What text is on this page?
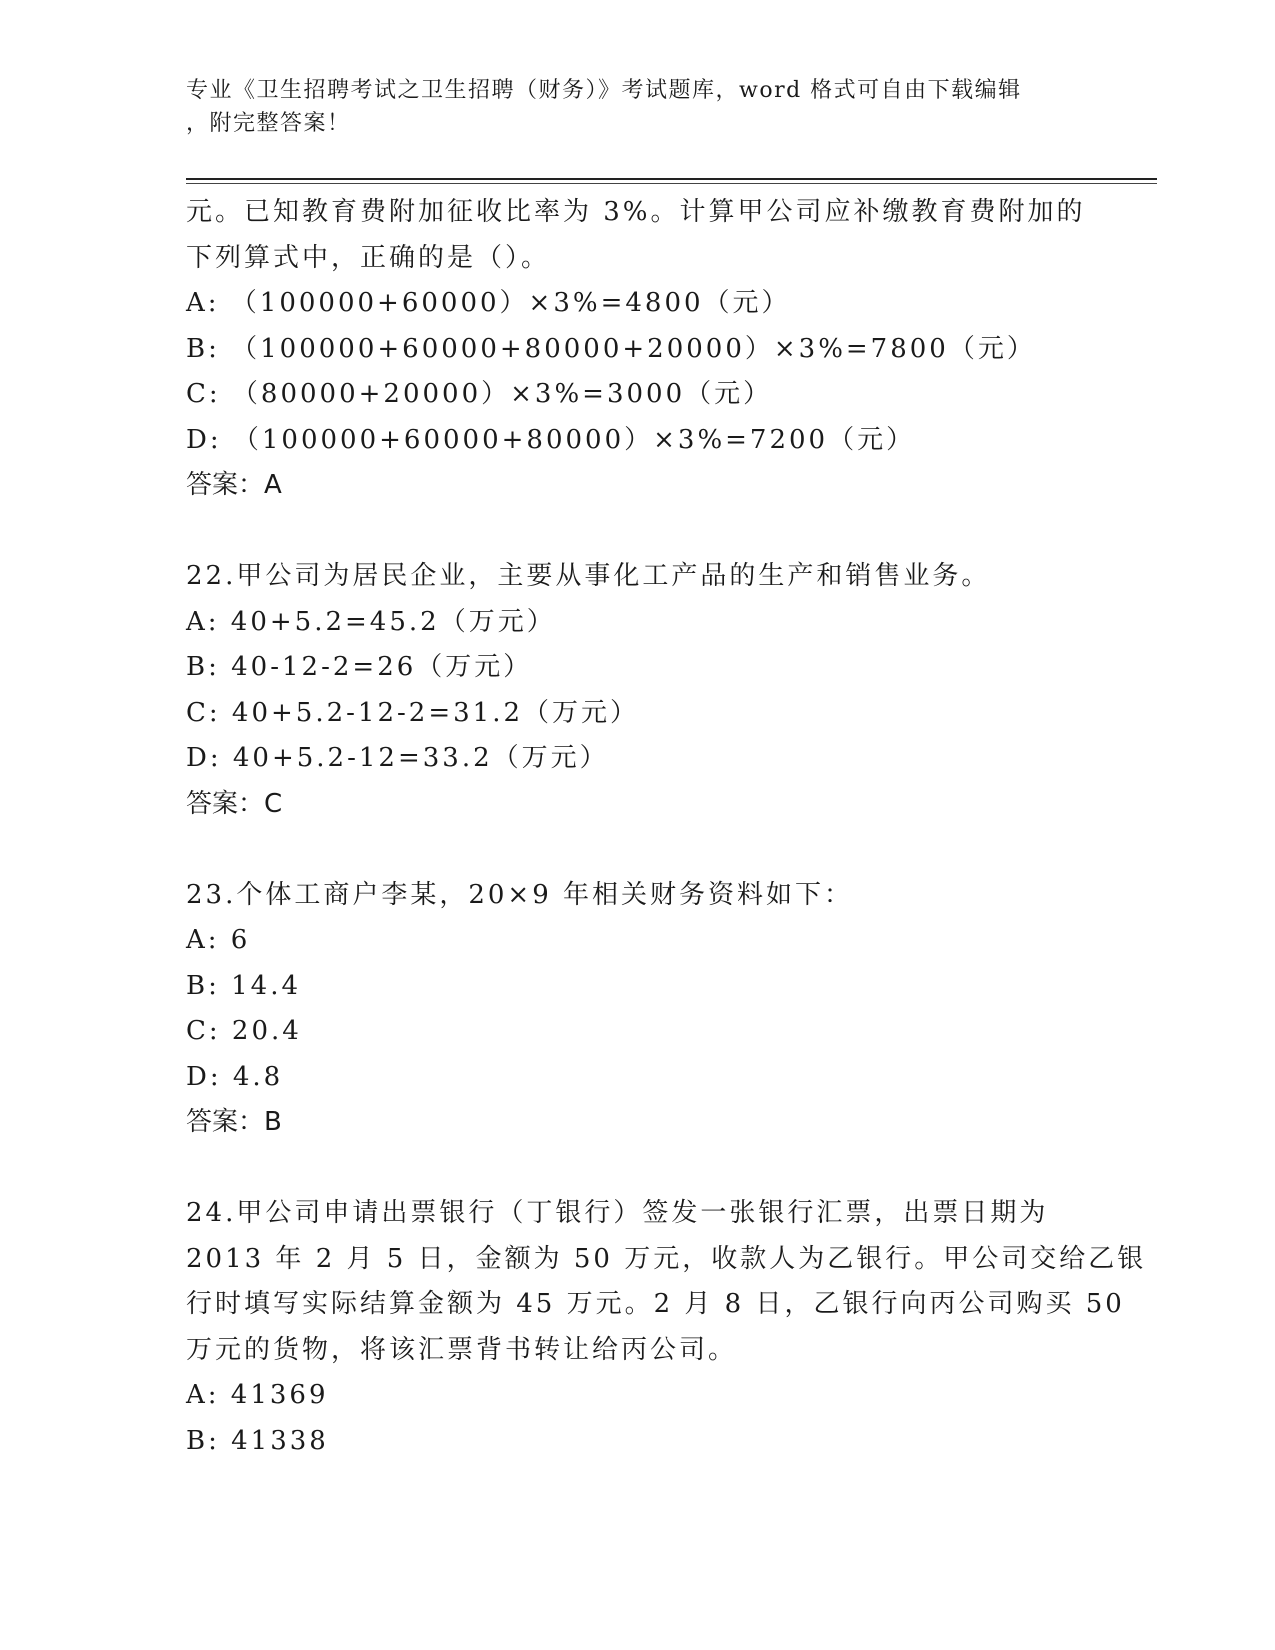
专业《卫生招聘考试之卫生招聘（财务）》考试题库，word 格式可自由下载编辑
，附完整答案！
元。已知教育费附加征收比率为 3%。计算甲公司应补缴教育费附加的
下列算式中，正确的是（）。
A: （100000+60000）×3%=4800（元）
B: （100000+60000+80000+20000）×3%=7800（元）
C: （80000+20000）×3%=3000（元）
D: （100000+60000+80000）×3%=7200（元）
答案：A
22.甲公司为居民企业，主要从事化工产品的生产和销售业务。
A: 40+5.2=45.2（万元）
B: 40-12-2=26（万元）
C: 40+5.2-12-2=31.2（万元）
D: 40+5.2-12=33.2（万元）
答案：C
23.个体工商户李某，20×9 年相关财务资料如下：
A: 6
B: 14.4
C: 20.4
D: 4.8
答案：B
24.甲公司申请出票银行（丁银行）签发一张银行汇票，出票日期为
2013 年 2 月 5 日，金额为 50 万元，收款人为乙银行。甲公司交给乙银
行时填写实际结算金额为 45 万元。2 月 8 日，乙银行向丙公司购买 50
万元的货物，将该汇票背书转让给丙公司。
A: 41369
B: 41338
